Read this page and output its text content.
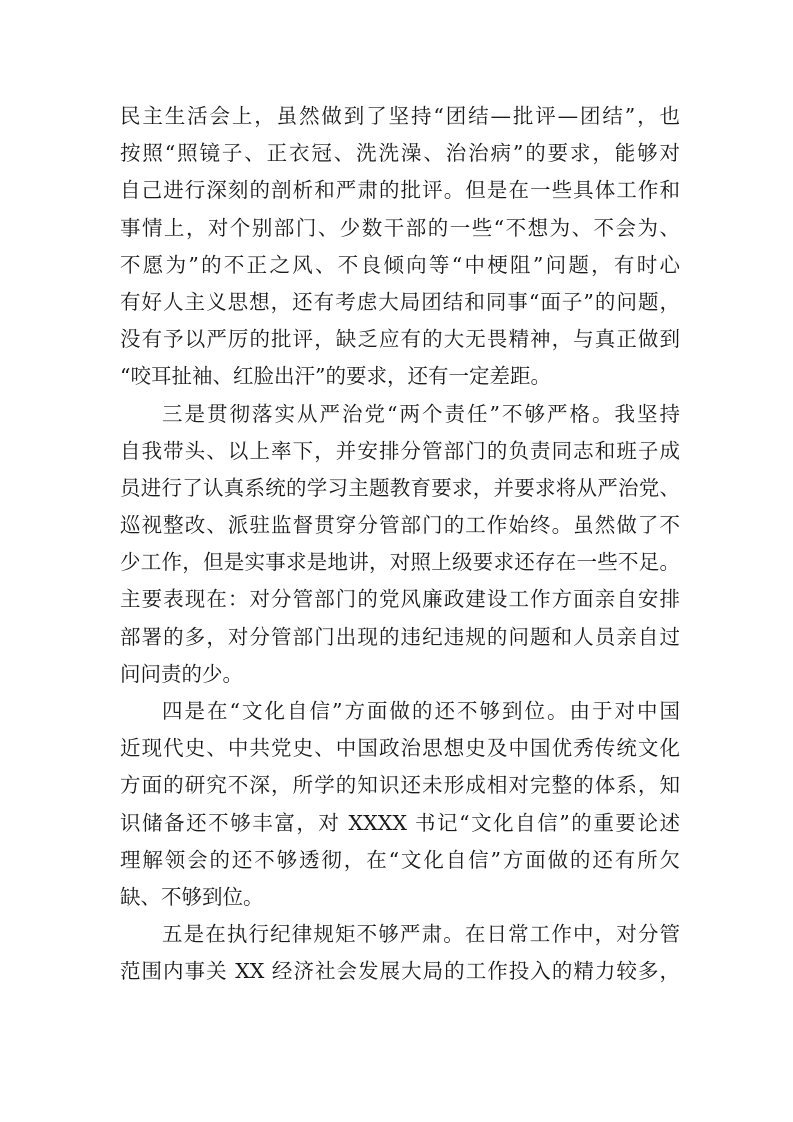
民主生活会上，虽然做到了坚持“团结—批评—团结”，也
按照“照镜子、正衣冠、洗洗澡、治治病”的要求，能够对
自己进行深刻的剖析和严肃的批评。但是在一些具体工作和
事情上，对个别部门、少数干部的一些“不想为、不会为、
不愿为”的不正之风、不良倾向等“中梗阻”问题，有时心
有好人主义思想，还有考虑大局团结和同事“面子”的问题，
没有予以严厉的批评，缺乏应有的大无畏精神，与真正做到
“咬耳扯袖、红脸出汗”的要求，还有一定差距。
三是贯彻落实从严治党“两个责任”不够严格。我坚持
自我带头、以上率下，并安排分管部门的负责同志和班子成
员进行了认真系统的学习主题教育要求，并要求将从严治党、
巡视整改、派驻监督贯穿分管部门的工作始终。虽然做了不
少工作，但是实事求是地讲，对照上级要求还存在一些不足。
主要表现在：对分管部门的党风廉政建设工作方面亲自安排
部署的多，对分管部门出现的违纪违规的问题和人员亲自过
问问责的少。
四是在“文化自信”方面做的还不够到位。由于对中国
近现代史、中共党史、中国政治思想史及中国优秀传统文化
方面的研究不深，所学的知识还未形成相对完整的体系，知
识储备还不够丰富，对 XXXX 书记“文化自信”的重要论述
理解领会的还不够透彻，在“文化自信”方面做的还有所欠
缺、不够到位。
五是在执行纪律规矩不够严肃。在日常工作中，对分管
范围内事关 XX 经济社会发展大局的工作投入的精力较多，
